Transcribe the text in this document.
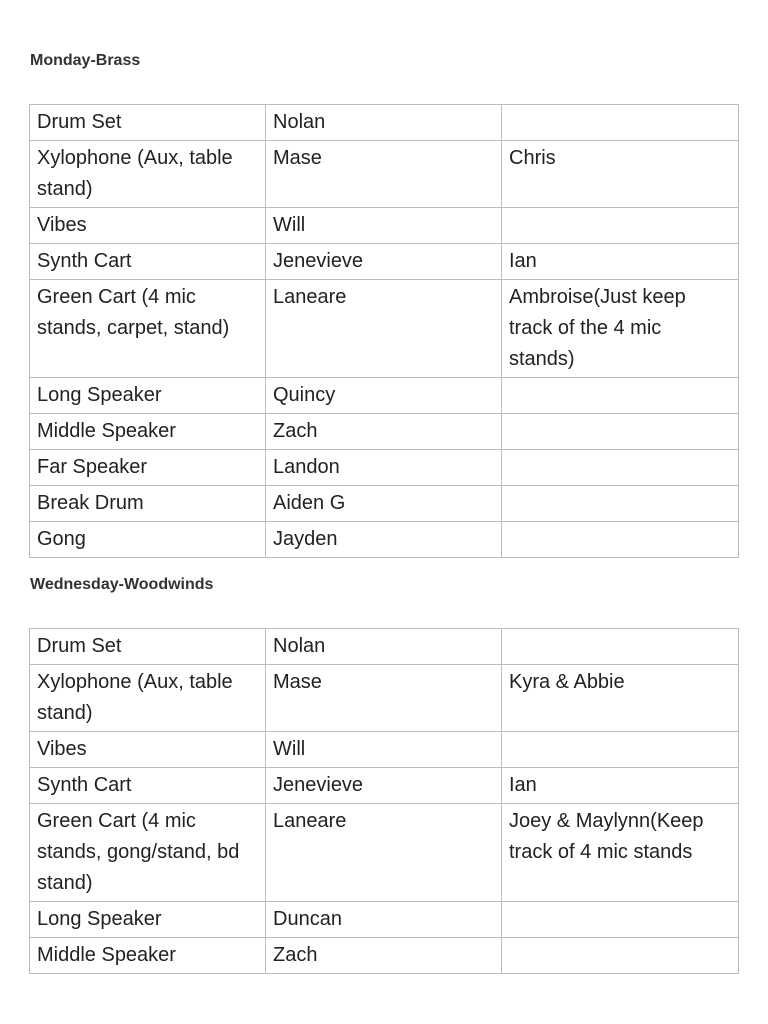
Monday-Brass
Drum Set	Nolan	
Xylophone (Aux, table stand)	Mase	Chris
Vibes	Will	
Synth Cart	Jenevieve	Ian
Green Cart (4 mic stands, carpet, stand)	Laneare	Ambroise(Just keep track of the 4 mic stands)
Long Speaker	Quincy	
Middle Speaker	Zach	
Far Speaker	Landon	
Break Drum	Aiden G	
Gong	Jayden	
Wednesday-Woodwinds
Drum Set	Nolan	
Xylophone (Aux, table stand)	Mase	Kyra & Abbie
Vibes	Will	
Synth Cart	Jenevieve	Ian
Green Cart (4 mic stands, gong/stand, bd stand)	Laneare	Joey & Maylynn(Keep track of 4 mic stands
Long Speaker	Duncan	
Middle Speaker	Zach	
